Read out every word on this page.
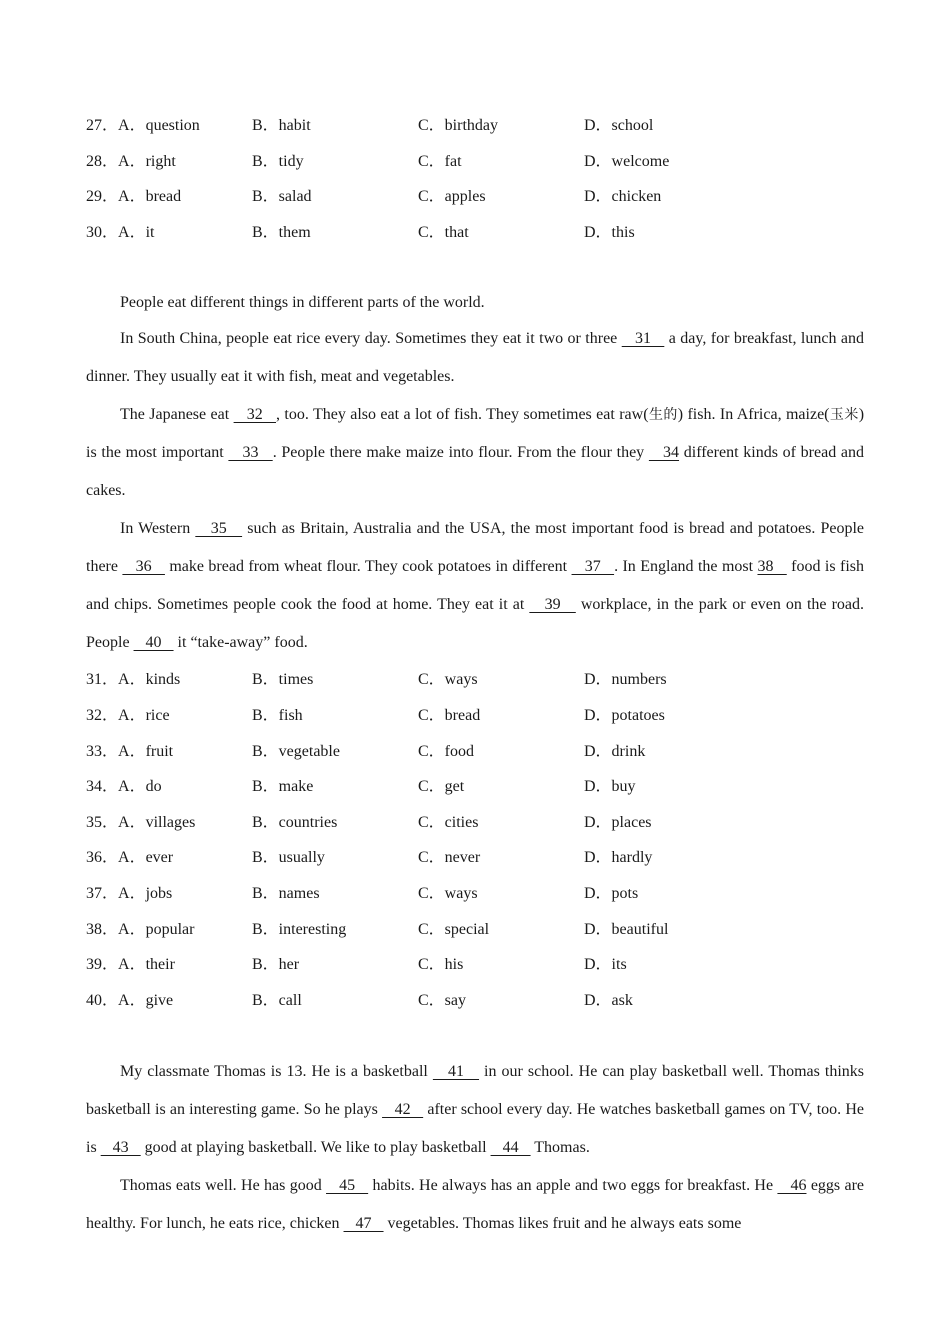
27．A．question	B．habit	C．birthday	D．school
28．A．right	B．tidy	C．fat	D．welcome
29．A．bread	B．salad	C．apples	D．chicken
30．A．it	B．them	C．that	D．this

People eat different things in different parts of the world.

In South China, people eat rice every day. Sometimes they eat it two or three    31    a day, for breakfast, lunch and dinner. They usually eat it with fish, meat and vegetables.

The Japanese eat    32   , too. They also eat a lot of fish. They sometimes eat raw(生的) fish. In Africa, maize(玉米) is the most important    33   . People there make maize into flour. From the flour they    34 different kinds of bread and cakes.

In Western    35    such as Britain, Australia and the USA, the most important food is bread and potatoes. People there    36    make bread from wheat flour. They cook potatoes in different    37   . In England the most 38    food is fish and chips. Sometimes people cook the food at home. They eat it at    39    workplace, in the park or even on the road. People    40    it “take-away” food.

31．A．kinds	B．times	C．ways	D．numbers
32．A．rice	B．fish	C．bread	D．potatoes
33．A．fruit	B．vegetable	C．food	D．drink
34．A．do	B．make	C．get	D．buy
35．A．villages	B．countries	C．cities	D．places
36．A．ever	B．usually	C．never	D．hardly
37．A．jobs	B．names	C．ways	D．pots
38．A．popular	B．interesting	C．special	D．beautiful
39．A．their	B．her	C．his	D．its
40．A．give	B．call	C．say	D．ask

My classmate Thomas is 13. He is a basketball    41    in our school. He can play basketball well. Thomas thinks basketball is an interesting game. So he plays    42    after school every day. He watches basketball games on TV, too. He is    43    good at playing basketball. We like to play basketball    44    Thomas.

Thomas eats well. He has good    45    habits. He always has an apple and two eggs for breakfast. He    46 eggs are healthy. For lunch, he eats rice, chicken    47    vegetables. Thomas likes fruit and he always eats some
